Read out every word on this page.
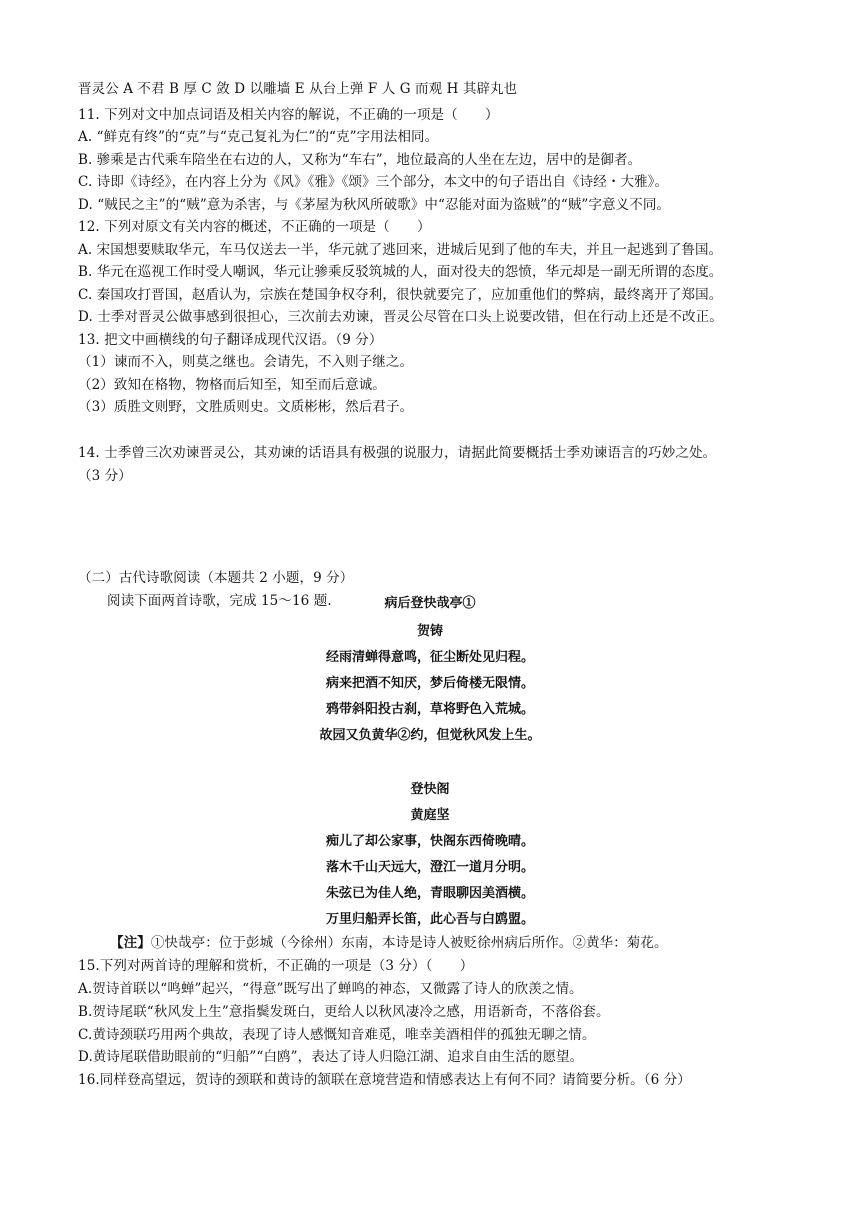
晋灵公 A 不君 B 厚 C 敛 D 以雕墙 E 从台上弹 F 人 G 而观 H 其辟丸也
11. 下列对文中加点词语及相关内容的解说，不正确的一项是（　　）
A. “鲜克有终”的“克”与“克己复礼为仁”的“克”字用法相同。
B. 骖乘是古代乘车陪坐在右边的人，又称为“车右”，地位最高的人坐在左边，居中的是御者。
C. 诗即《诗经》，在内容上分为《风》《雅》《颂》三个部分，本文中的句子语出自《诗经・大雅》。
D. “贼民之主”的“贼”意为杀害，与《茅屋为秋风所破歌》中“忍能对面为盗贼”的“贼”字意义不同。
12. 下列对原文有关内容的概述，不正确的一项是（　　）
A. 宋国想要赎取华元，车马仅送去一半，华元就了逃回来，进城后见到了他的车夫，并且一起逃到了鲁国。
B. 华元在巡视工作时受人嘲讽，华元让骖乘反驳筑城的人，面对役夫的怨愤，华元却是一副无所谓的态度。
C. 秦国攻打晋国，赵盾认为，宗族在楚国争权夺利，很快就要完了，应加重他们的弊病，最终离开了郑国。
D. 士季对晋灵公做事感到很担心，三次前去劝谏，晋灵公尽管在口头上说要改错，但在行动上还是不改正。
13. 把文中画横线的句子翻译成现代汉语。（9 分）
（1）谏而不入，则莫之继也。会请先，不入则子继之。
（2）致知在格物，物格而后知至，知至而后意诚。
（3）质胜文则野，文胜质则史。文质彬彬，然后君子。
14. 士季曾三次劝谏晋灵公，其劝谏的话语具有极强的说服力，请据此简要概括士季劝谏语言的巧妙之处。
（3 分）
（二）古代诗歌阅读（本题共 2 小题，9 分）
阅读下面两首诗歌，完成 15～16 题.	病后登快哉亭①
贺铸
经雨清蝉得意鸣，征尘断处见归程。
病来把酒不知厌，梦后倚楼无限情。
鸦带斜阳投古刹，草将野色入荒城。
故园又负黄华②约，但觉秋风发上生。
登快阁
黄庭坚
痴儿了却公家事，快阁东西倚晚晴。
落木千山天远大，澄江一道月分明。
朱弦已为佳人绝，青眼聊因美酒横。
万里归船弄长笛，此心吾与白鸥盟。
【注】①快哉亭：位于彭城（今徐州）东南，本诗是诗人被贬徐州病后所作。②黄华：菊花。
15.下列对两首诗的理解和赏析，不正确的一项是（3 分）（　　）
A.贺诗首联以“鸣蝉”起兴，“得意”既写出了蝉鸣的神态，又微露了诗人的欣羡之情。
B.贺诗尾联“秋风发上生”意指鬓发斑白，更给人以秋风凄冷之感，用语新奇，不落俗套。
C.黄诗颈联巧用两个典故，表现了诗人感慨知音难觅，唯幸美酒相伴的孤独无聊之情。
D.黄诗尾联借助眼前的“归船”“白鸥”，表达了诗人归隐江湖、追求自由生活的愿望。
16.同样登高望远，贺诗的颈联和黄诗的颔联在意境营造和情感表达上有何不同？请简要分析。（6 分）
